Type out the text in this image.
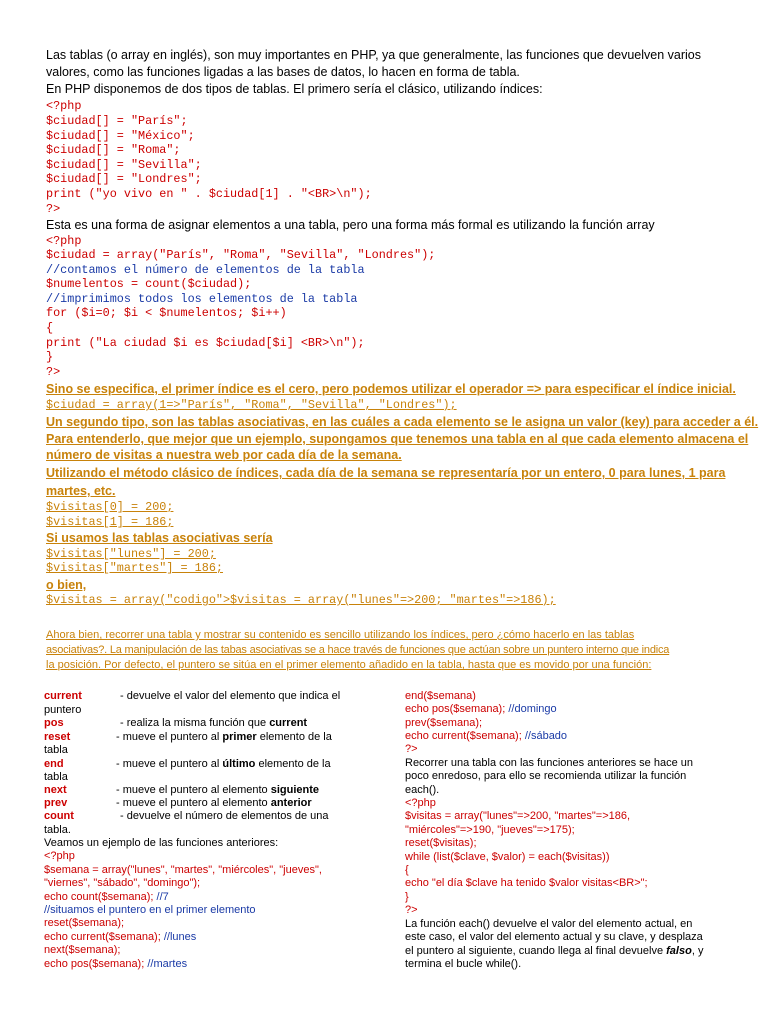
Las tablas (o array en inglés), son muy importantes en PHP, ya que generalmente, las funciones que devuelven varios
valores, como las funciones ligadas a las bases de datos, lo hacen en forma de tabla.
En PHP disponemos de dos tipos de tablas. El primero sería el clásico, utilizando índices:
<?php
$ciudad[] = "París";
$ciudad[] = "México";
$ciudad[] = "Roma";
$ciudad[] = "Sevilla";
$ciudad[] = "Londres";
print ("yo vivo en " . $ciudad[1] . "<BR>\n");
?>
Esta es una forma de asignar elementos a una tabla, pero una forma más formal es utilizando la función array
<?php
$ciudad = array("París", "Roma", "Sevilla", "Londres");
//contamos el número de elementos de la tabla
$numelentos = count($ciudad);
//imprimimos todos los elementos de la tabla
for ($i=0; $i < $numelentos; $i++)
{
print ("La ciudad $i es $ciudad[$i] <BR>\n");
}
?>
Sino se especifica, el primer índice es el cero, pero podemos utilizar el operador => para especificar el índice inicial.
$ciudad = array(1=>"París", "Roma", "Sevilla", "Londres");
Un segundo tipo, son las tablas asociativas, en las cuáles a cada elemento se le asigna un valor (key) para acceder a él.
Para entenderlo, que mejor que un ejemplo, supongamos que tenemos una tabla en al que cada elemento almacena el
número de visitas a nuestra web por cada día de la semana.
Utilizando el método clásico de índices, cada día de la semana se representaría por un entero, 0 para lunes, 1 para
martes, etc.
$visitas[0] = 200;
$visitas[1] = 186;
Si usamos las tablas asociativas sería
$visitas["lunes"] = 200;
$visitas["martes"] = 186;
o bien,
$visitas = array("codigo">$visitas = array("lunes"=>200; "martes"=>186);
Ahora bien, recorrer una tabla y mostrar su contenido es sencillo utilizando los índices, pero ¿cómo hacerlo en las tablas
asociativas?. La manipulación de las tabas asociativas se a hace través de funciones que actúan sobre un puntero interno que indica
la posición. Por defecto, el puntero se sitúa en el primer elemento añadido en la tabla, hasta que es movido por una función:
current	- devuelve el valor del elemento que indica el
puntero
pos	- realiza la misma función que current
reset	- mueve el puntero al primer elemento de la
tabla
end	- mueve el puntero al último elemento de la
tabla
next	- mueve el puntero al elemento siguiente
prev	- mueve el puntero al elemento anterior
count	- devuelve el número de elementos de una
tabla.
Veamos un ejemplo de las funciones anteriores:
<?php
$semana = array("lunes", "martes", "miércoles", "jueves",
"viernes", "sábado", "domingo");
echo count($semana); //7
//situamos el puntero en el primer elemento
reset($semana);
echo current($semana); //lunes
next($semana);
echo pos($semana); //martes
end($semana)
echo pos($semana); //domingo
prev($semana);
echo current($semana); //sábado
?>
Recorrer una tabla con las funciones anteriores se hace un
poco enredoso, para ello se recomienda utilizar la función
each().
<?php
$visitas = array("lunes"=>200, "martes"=>186,
"miércoles"=>190, "jueves"=>175);
reset($visitas);
while (list($clave, $valor) = each($visitas))
{
echo "el día $clave ha tenido $valor visitas<BR>";
}
?>
La función each() devuelve el valor del elemento actual, en
este caso, el valor del elemento actual y su clave, y desplaza
el puntero al siguiente, cuando llega al final devuelve falso, y
termina el bucle while().
